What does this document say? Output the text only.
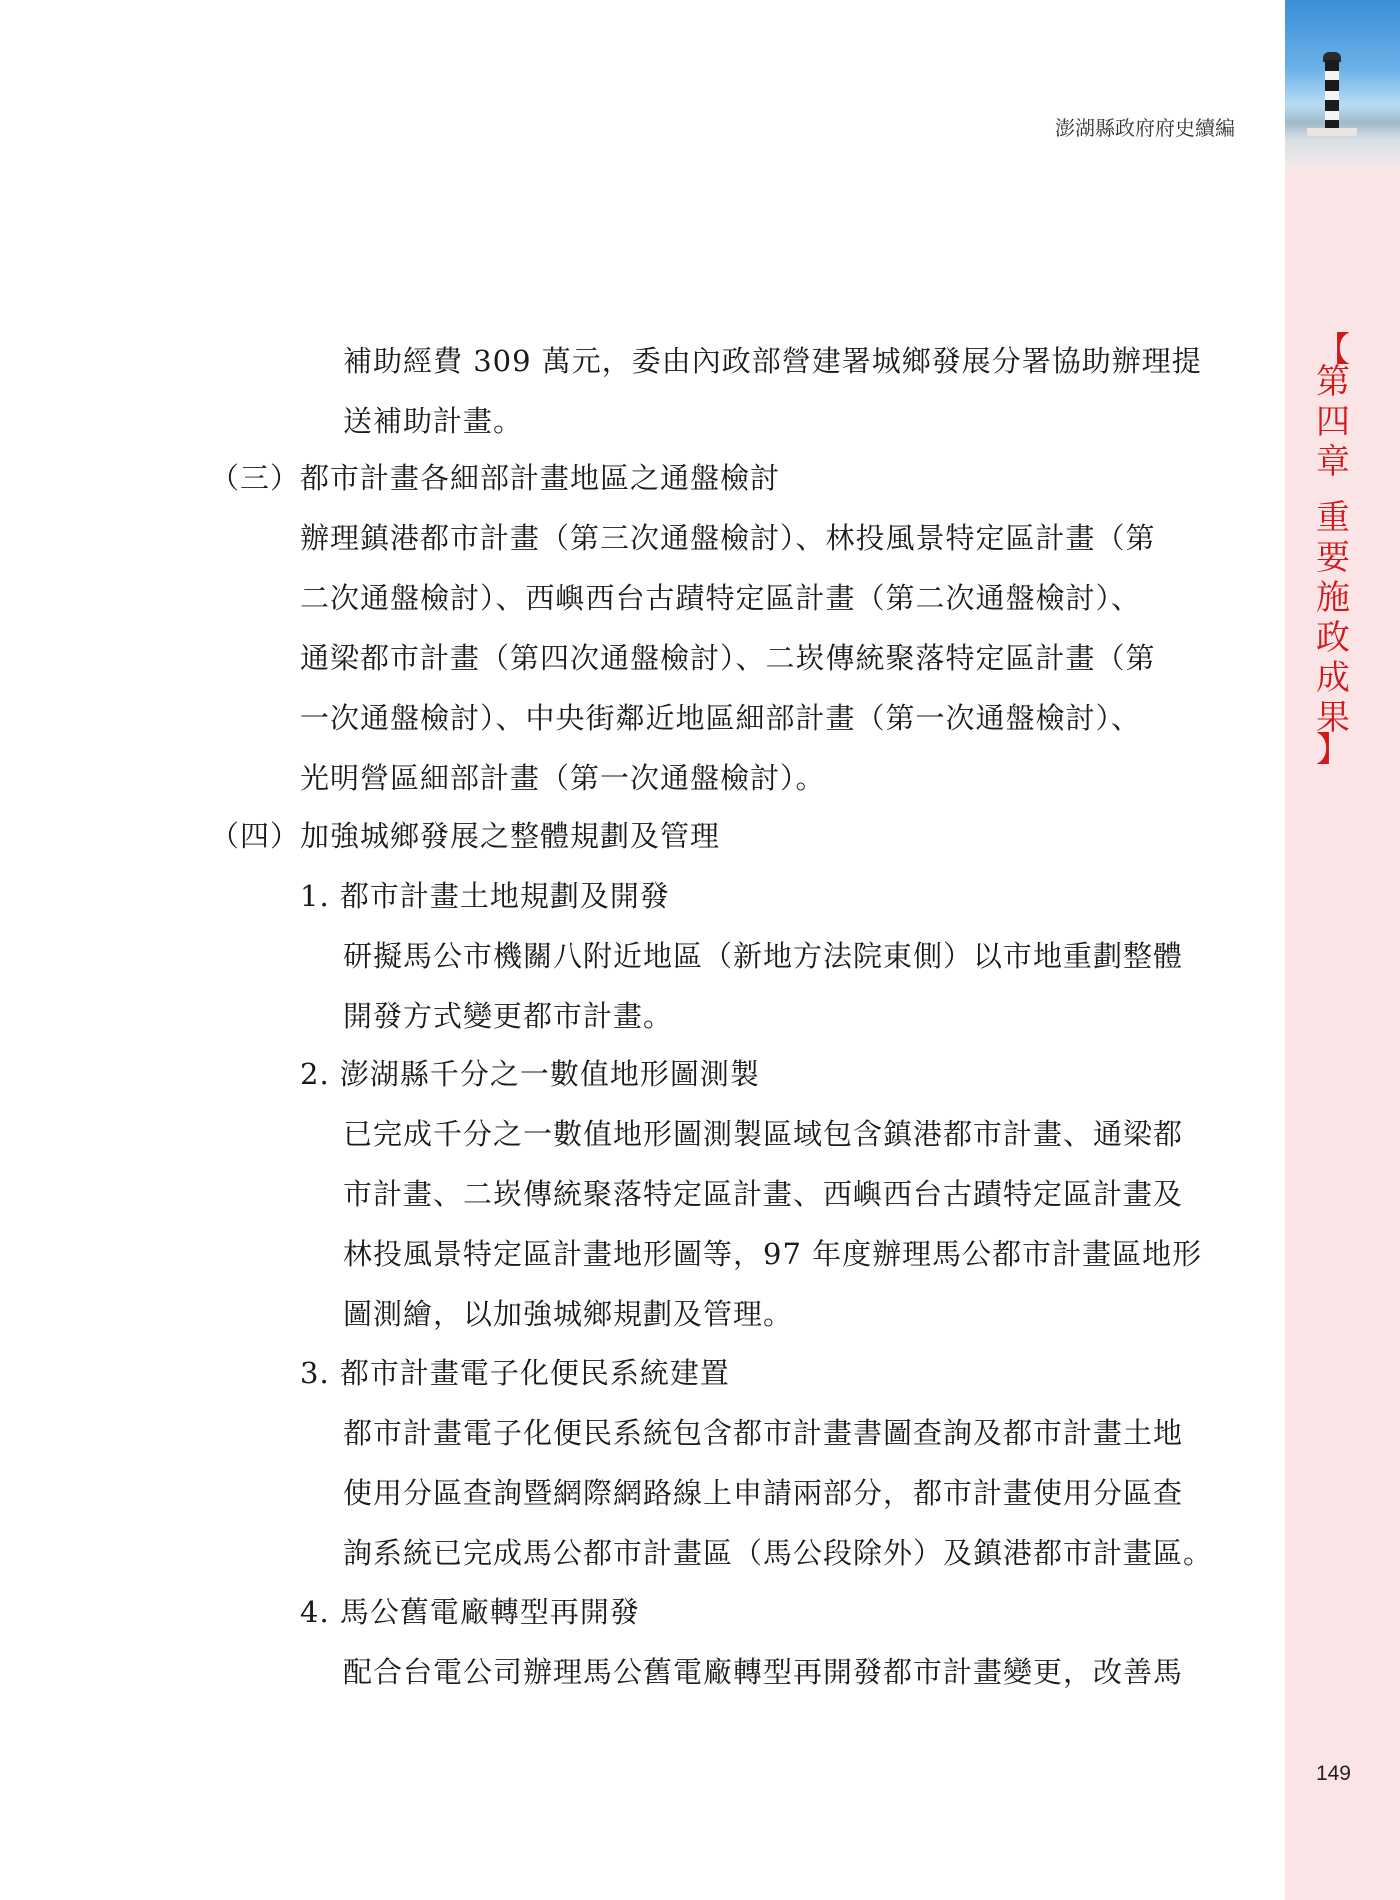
【
第
四
章
重
要
施
政
成
果
】
澎湖縣政府府史續編
補助經費 309 萬元，委由內政部營建署城鄉發展分署協助辦理提
送補助計畫。
（三）都市計畫各細部計畫地區之通盤檢討
辦理鎮港都市計畫（第三次通盤檢討）、林投風景特定區計畫（第
二次通盤檢討）、西嶼西台古蹟特定區計畫（第二次通盤檢討）、
通梁都市計畫（第四次通盤檢討）、二崁傳統聚落特定區計畫（第
一次通盤檢討）、中央街鄰近地區細部計畫（第一次通盤檢討）、
光明營區細部計畫（第一次通盤檢討）。
（四）加強城鄉發展之整體規劃及管理
1. 都市計畫土地規劃及開發
研擬馬公市機關八附近地區（新地方法院東側）以市地重劃整體
開發方式變更都市計畫。
2. 澎湖縣千分之一數值地形圖測製
已完成千分之一數值地形圖測製區域包含鎮港都市計畫、通梁都
市計畫、二崁傳統聚落特定區計畫、西嶼西台古蹟特定區計畫及
林投風景特定區計畫地形圖等，97 年度辦理馬公都市計畫區地形
圖測繪，以加強城鄉規劃及管理。
3. 都市計畫電子化便民系統建置
都市計畫電子化便民系統包含都市計畫書圖查詢及都市計畫土地
使用分區查詢暨網際網路線上申請兩部分，都市計畫使用分區查
詢系統已完成馬公都市計畫區（馬公段除外）及鎮港都市計畫區。
4. 馬公舊電廠轉型再開發
配合台電公司辦理馬公舊電廠轉型再開發都市計畫變更，改善馬
149
